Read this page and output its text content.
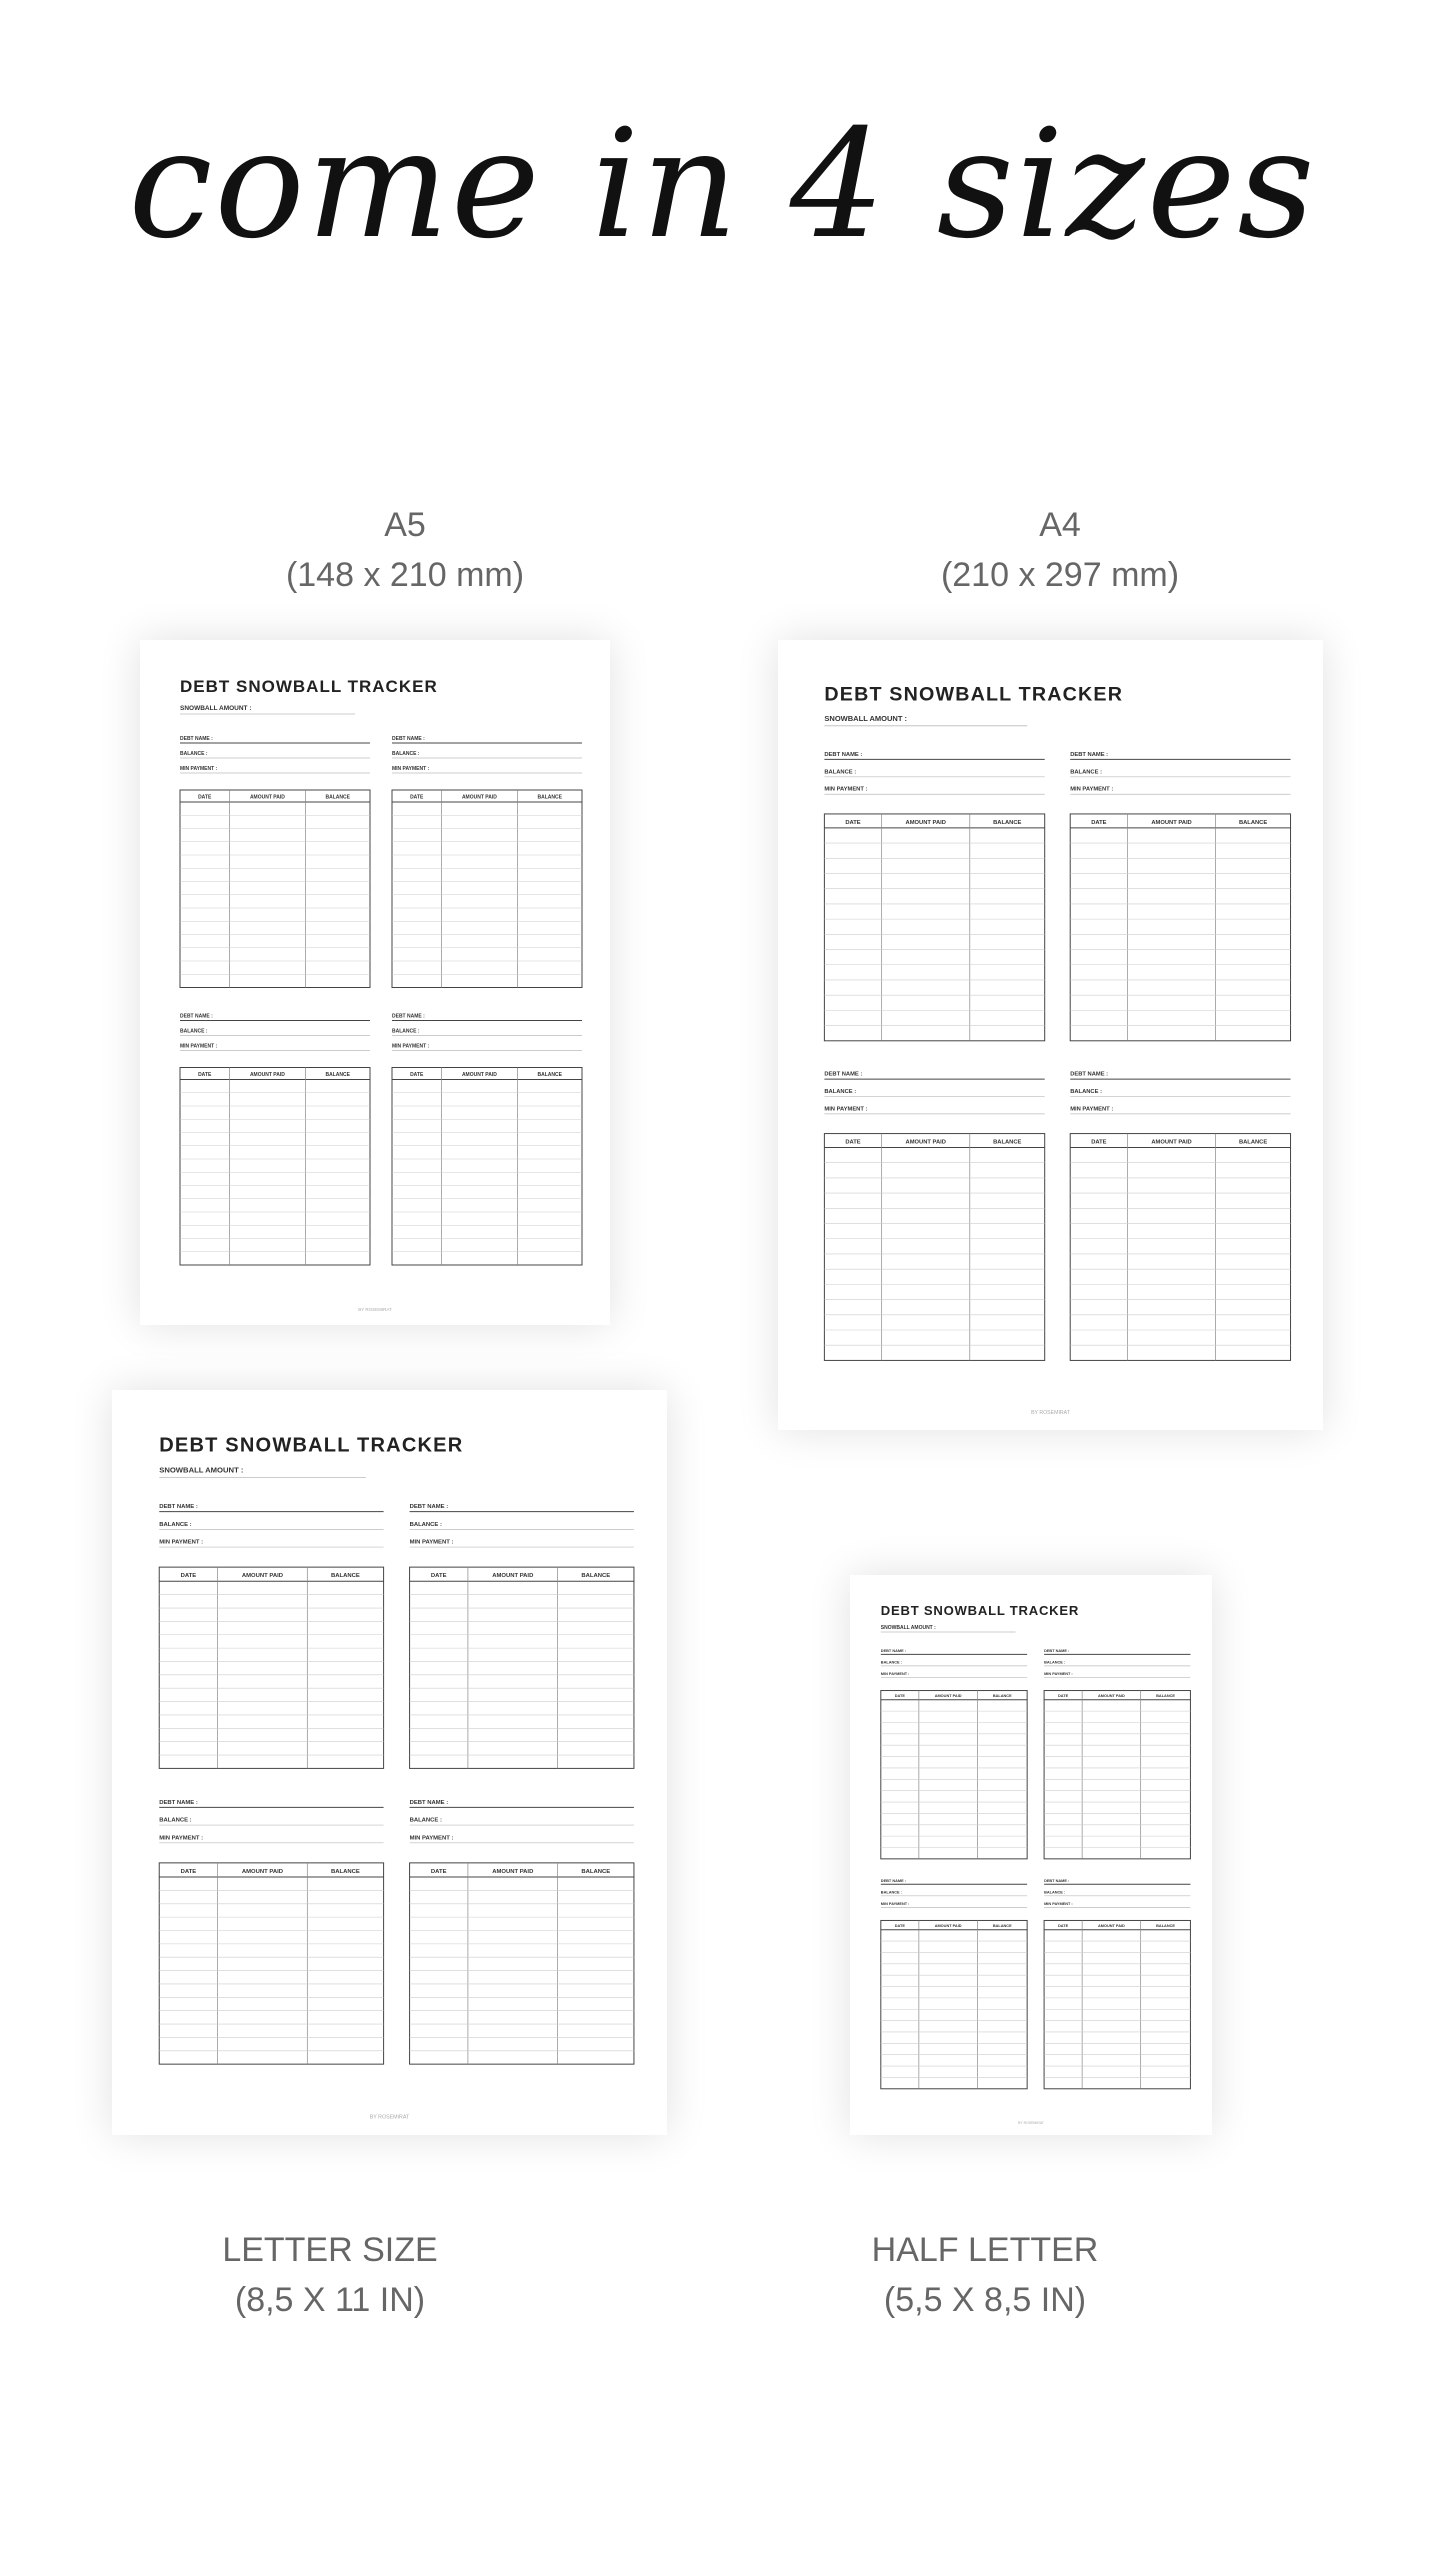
come in 4 sizes
A5
(148 x 210 mm)
A4
(210 x 297 mm)
LETTER SIZE
(8,5 X 11 IN)
HALF LETTER
(5,5 X 8,5 IN)
DEBT SNOWBALL TRACKER
SNOWBALL AMOUNT :
DEBT NAME :
BALANCE :
MIN PAYMENT :
DATE	AMOUNT PAID	BALANCE
DEBT NAME :
BALANCE :
MIN PAYMENT :
DATE	AMOUNT PAID	BALANCE
DEBT NAME :
BALANCE :
MIN PAYMENT :
DATE	AMOUNT PAID	BALANCE
DEBT NAME :
BALANCE :
MIN PAYMENT :
DATE	AMOUNT PAID	BALANCE
BY ROSEMIRAT
DEBT SNOWBALL TRACKER
SNOWBALL AMOUNT :
DEBT NAME :
BALANCE :
MIN PAYMENT :
DATE	AMOUNT PAID	BALANCE
DEBT NAME :
BALANCE :
MIN PAYMENT :
DATE	AMOUNT PAID	BALANCE
DEBT NAME :
BALANCE :
MIN PAYMENT :
DATE	AMOUNT PAID	BALANCE
DEBT NAME :
BALANCE :
MIN PAYMENT :
DATE	AMOUNT PAID	BALANCE
BY ROSEMIRAT
DEBT SNOWBALL TRACKER
SNOWBALL AMOUNT :
DEBT NAME :
BALANCE :
MIN PAYMENT :
DATE	AMOUNT PAID	BALANCE
DEBT NAME :
BALANCE :
MIN PAYMENT :
DATE	AMOUNT PAID	BALANCE
DEBT NAME :
BALANCE :
MIN PAYMENT :
DATE	AMOUNT PAID	BALANCE
DEBT NAME :
BALANCE :
MIN PAYMENT :
DATE	AMOUNT PAID	BALANCE
BY ROSEMIRAT
DEBT SNOWBALL TRACKER
SNOWBALL AMOUNT :
DEBT NAME :
BALANCE :
MIN PAYMENT :
DATE	AMOUNT PAID	BALANCE
DEBT NAME :
BALANCE :
MIN PAYMENT :
DATE	AMOUNT PAID	BALANCE
DEBT NAME :
BALANCE :
MIN PAYMENT :
DATE	AMOUNT PAID	BALANCE
DEBT NAME :
BALANCE :
MIN PAYMENT :
DATE	AMOUNT PAID	BALANCE
BY ROSEMIRAT
